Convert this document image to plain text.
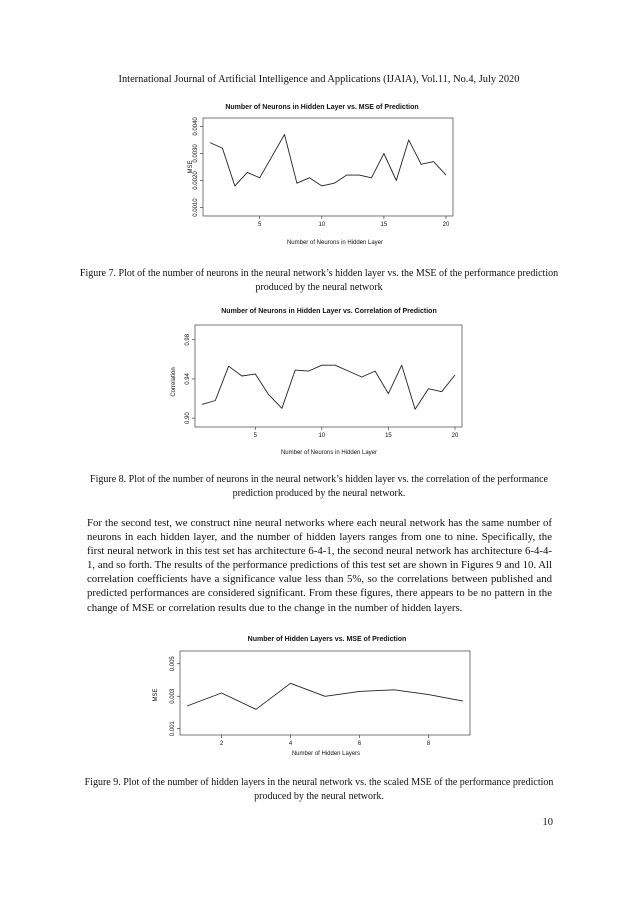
International Journal of Artificial Intelligence and Applications (IJAIA), Vol.11, No.4, July 2020
Number of Neurons in Hidden Layer vs. MSE of Prediction
Number of Neurons in Hidden Layer
MSE
5	10	15	20
0.0010
0.0020
0.0030
0.0040
Figure 7. Plot of the number of neurons in the neural network’s hidden layer vs. the MSE of the performance prediction produced by the neural network
Number of Neurons in Hidden Layer vs. Correlation of Prediction
Number of Neurons in Hidden Layer
Correlation
5	10	15	20
0.90
0.94
0.98
Figure 8. Plot of the number of neurons in the neural network’s hidden layer vs. the correlation of the performance prediction produced by the neural network.
For the second test, we construct nine neural networks where each neural network has the same number of neurons in each hidden layer, and the number of hidden layers ranges from one to nine. Specifically, the first neural network in this test set has architecture 6-4-1, the second neural network has architecture 6-4-4-1, and so forth. The results of the performance predictions of this test set are shown in Figures 9 and 10. All correlation coefficients have a significance value less than 5%, so the correlations between published and predicted performances are considered significant. From these figures, there appears to be no pattern in the change of MSE or correlation results due to the change in the number of hidden layers.
Number of Hidden Layers vs. MSE of Prediction
Number of Hidden Layers
MSE
2	4	6	8
0.001
0.003
0.005
Figure 9. Plot of the number of hidden layers in the neural network vs. the scaled MSE of the performance prediction produced by the neural network.
10
